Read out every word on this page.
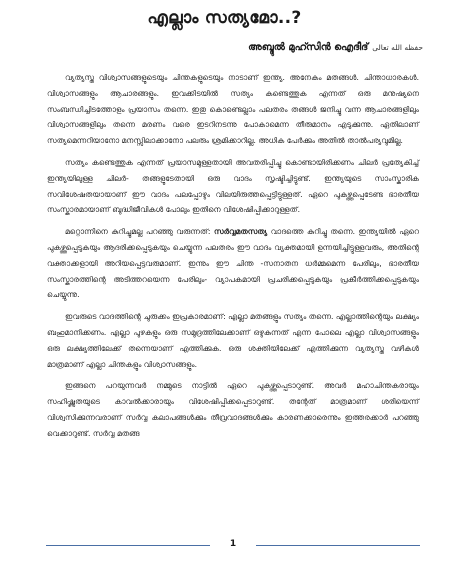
എല്ലാം സത്യമോ..?
അബ്ദുൽ മുഹ്സിൻ ഐദീദ് حفظه الله تعالى

വ്യത്യസ്ത വിശ്വാസങ്ങളുടെയും ചിന്തകളുടെയും നാടാണ് ഇന്ത്യ. അനേകം മതങ്ങൾ. ചിന്താധാരകൾ. വിശ്വാസങ്ങളും ആചാരങ്ങളും. ഇവക്കിടയിൽ സത്യം കണ്ടെത്തുക എന്നത് ഒരു മനുഷ്യനെ സംബന്ധിച്ചിടത്തോളം പ്രയാസം തന്നെ. ഇതു കൊണ്ടെല്ലാം പലതരം തങ്ങൾ ജനിച്ചു വന്ന ആചാരങ്ങളിലും വിശ്വാസങ്ങളിലും തന്നെ മരണം വരെ ഇടറിനടന്നു പോകാമെന്ന തീരുമാനം എടുക്കുന്നു. ഏതിലാണ് സത്യമെന്നറിയാനോ മനസ്സിലാക്കാനോ പലരും ശ്രമിക്കാറില്ല. അധിക പേർക്കും അതിൽ താൽപര്യവുമില്ല.

സത്യം കണ്ടെത്തുക എന്നത് പ്രയാസമുള്ളതായി അവതരിപ്പിച്ചു കൊണ്ടായിരിക്കണം ചിലർ പ്രത്യേകിച്ച് ഇന്ത്യയിലുള്ള ചിലർ- തങ്ങളുടേതായി ഒരു വാദം സൃഷ്ടിച്ചിട്ടുണ്ട്. ഇന്ത്യയുടെ സാംസ്കാരിക സവിശേഷതയായാണ് ഈ വാദം പലപ്പോഴും വിലയിരുത്തപ്പെട്ടിട്ടുള്ളത്. ഏറെ പുകഴ്ത്തപ്പെടേണ്ട ഭാരതീയ സംസ്കാരമായാണ് ബുദ്ധിജീവികൾ പോലും ഇതിനെ വിശേഷിപ്പിക്കാറുള്ളത്.

മറ്റൊന്നിനെ കുറിച്ചുമല്ല പറഞ്ഞു വരുന്നത്: സർവ്വമതസത്യ വാദത്തെ കുറിച്ചു തന്നെ. ഇന്ത്യയിൽ ഏറെ പുകഴ്ത്തപ്പെടുകയും ആദരിക്കപ്പെടുകയും ചെയ്യുന്ന പലതരം ഈ വാദം വ്യക്തമായി ഉന്നയിച്ചിട്ടുള്ളവരും, അതിന്റെ വക്താക്കളായി അറിയപ്പെട്ടവരുമാണ്. ഇന്നും ഈ ചിന്ത -സനാതന ധർമ്മമെന്ന പേരിലും, ഭാരതീയ സംസ്കാരത്തിന്റെ അടിത്തറയെന്ന പേരിലും- വ്യാപകമായി പ്രചരിക്കപ്പെടുകയും പ്രകീർത്തിക്കപ്പെടുകയും ചെയ്യുന്നു.

ഇവരുടെ വാദത്തിന്റെ ചുരുക്കം ഇപ്രകാരമാണ്: എല്ലാ മതങ്ങളും സത്യം തന്നെ. എല്ലാത്തിന്റെയും ലക്ഷ്യം ബഹുമാനിക്കണം. എല്ലാ പുഴകളും ഒരു സമുദ്രത്തിലേക്കാണ് ഒഴുകുന്നത് എന്ന പോലെ എല്ലാ വിശ്വാസങ്ങളും ഒരു ലക്ഷ്യത്തിലേക്ക് തന്നെയാണ് എത്തിക്കുക. ഒരു ശക്തിയിലേക്ക് എത്തിക്കുന്ന വ്യത്യസ്ത വഴികൾ മാത്രമാണ് എല്ലാ ചിന്തകളും വിശ്വാസങ്ങളും.

ഇങ്ങനെ പറയുന്നവർ നമ്മുടെ നാട്ടിൽ ഏറെ പുകഴ്ത്തപ്പെടാറുണ്ട്. അവർ മഹാചിന്തകരായും സഹിഷ്ണുതയുടെ കാവൽക്കാരായും വിശേഷിപ്പിക്കപ്പെടാറുണ്ട്. തന്റേത് മാത്രമാണ് ശരിയെന്ന് വിശ്വസിക്കുന്നവരാണ് സർവ്വ കലാപങ്ങൾക്കും തീവ്രവാദങ്ങൾക്കും കാരണക്കാരെന്നും ഇത്തരക്കാർ പറഞ്ഞു വെക്കാറുണ്ട്. സർവ്വ മതങ്ങ

1
